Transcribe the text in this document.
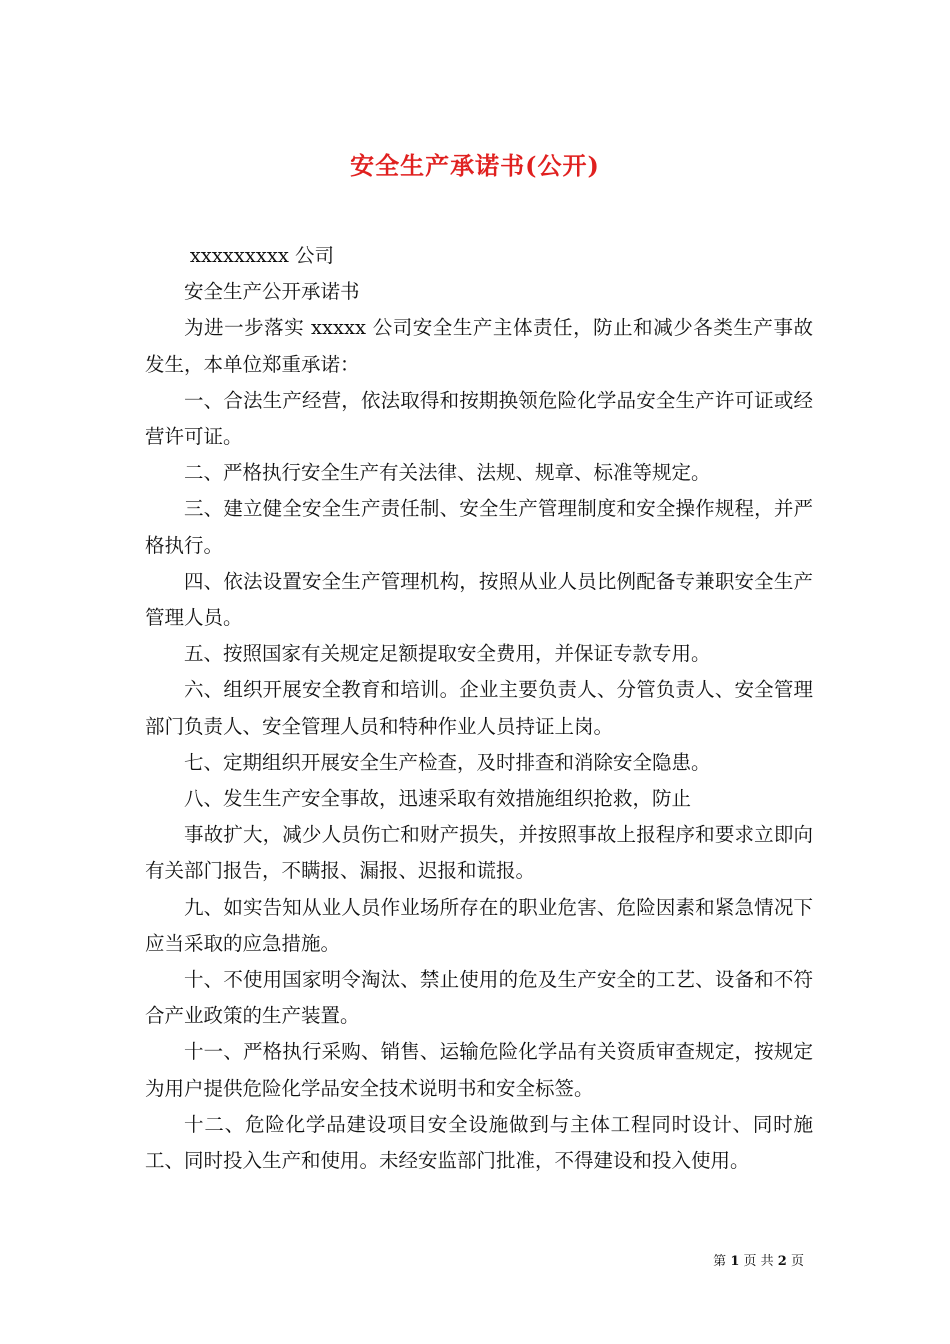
安全生产承诺书(公开)

xxxxxxxxx 公司

安全生产公开承诺书

为进一步落实 xxxxx 公司安全生产主体责任，防止和减少各类生产事故发生，本单位郑重承诺：

一、合法生产经营，依法取得和按期换领危险化学品安全生产许可证或经营许可证。

二、严格执行安全生产有关法律、法规、规章、标准等规定。

三、建立健全安全生产责任制、安全生产管理制度和安全操作规程，并严格执行。

四、依法设置安全生产管理机构，按照从业人员比例配备专兼职安全生产管理人员。

五、按照国家有关规定足额提取安全费用，并保证专款专用。

六、组织开展安全教育和培训。企业主要负责人、分管负责人、安全管理部门负责人、安全管理人员和特种作业人员持证上岗。

七、定期组织开展安全生产检查，及时排查和消除安全隐患。

八、发生生产安全事故，迅速采取有效措施组织抢救，防止

事故扩大，减少人员伤亡和财产损失，并按照事故上报程序和要求立即向有关部门报告，不瞒报、漏报、迟报和谎报。

九、如实告知从业人员作业场所存在的职业危害、危险因素和紧急情况下应当采取的应急措施。

十、不使用国家明令淘汰、禁止使用的危及生产安全的工艺、设备和不符合产业政策的生产装置。

十一、严格执行采购、销售、运输危险化学品有关资质审查规定，按规定为用户提供危险化学品安全技术说明书和安全标签。

十二、危险化学品建设项目安全设施做到与主体工程同时设计、同时施工、同时投入生产和使用。未经安监部门批准，不得建设和投入使用。

第 1 页 共 2 页
